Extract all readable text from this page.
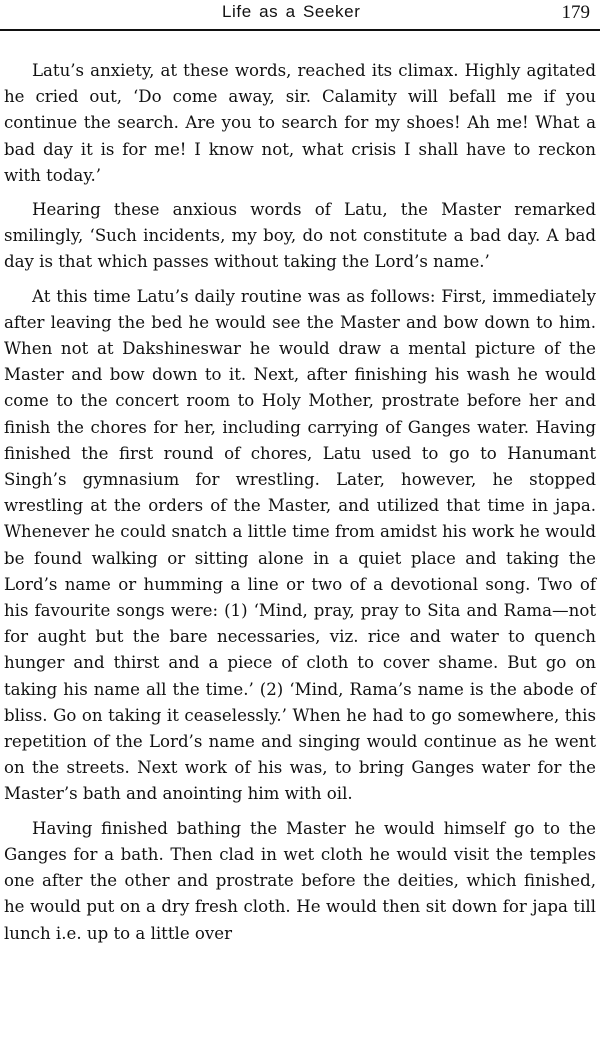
Life as a Seeker	179

Latu’s anxiety, at these words, reached its climax. Highly agitated he cried out, ‘Do come away, sir. Calamity will befall me if you continue the search. Are you to search for my shoes! Ah me! What a bad day it is for me! I know not, what crisis I shall have to reckon with today.’

Hearing these anxious words of Latu, the Master remarked smilingly, ‘Such incidents, my boy, do not constitute a bad day. A bad day is that which passes without taking the Lord’s name.’

At this time Latu’s daily routine was as follows: First, immediately after leaving the bed he would see the Master and bow down to him. When not at Dakshineswar he would draw a mental picture of the Master and bow down to it. Next, after finishing his wash he would come to the concert room to Holy Mother, prostrate before her and finish the chores for her, including carrying of Ganges water. Having finished the first round of chores, Latu used to go to Hanumant Singh’s gymnasium for wrestling. Later, however, he stopped wrestling at the orders of the Master, and utilized that time in japa. Whenever he could snatch a little time from amidst his work he would be found walking or sitting alone in a quiet place and taking the Lord’s name or humming a line or two of a devotional song. Two of his favourite songs were: (1) ‘Mind, pray, pray to Sita and Rama—not for aught but the bare necessaries, viz. rice and water to quench hunger and thirst and a piece of cloth to cover shame. But go on taking his name all the time.’ (2) ‘Mind, Rama’s name is the abode of bliss. Go on taking it ceaselessly.’ When he had to go somewhere, this repetition of the Lord’s name and singing would continue as he went on the streets. Next work of his was, to bring Ganges water for the Master’s bath and anointing him with oil.

Having finished bathing the Master he would himself go to the Ganges for a bath. Then clad in wet cloth he would visit the temples one after the other and prostrate before the deities, which finished, he would put on a dry fresh cloth. He would then sit down for japa till lunch i.e. up to a little over
